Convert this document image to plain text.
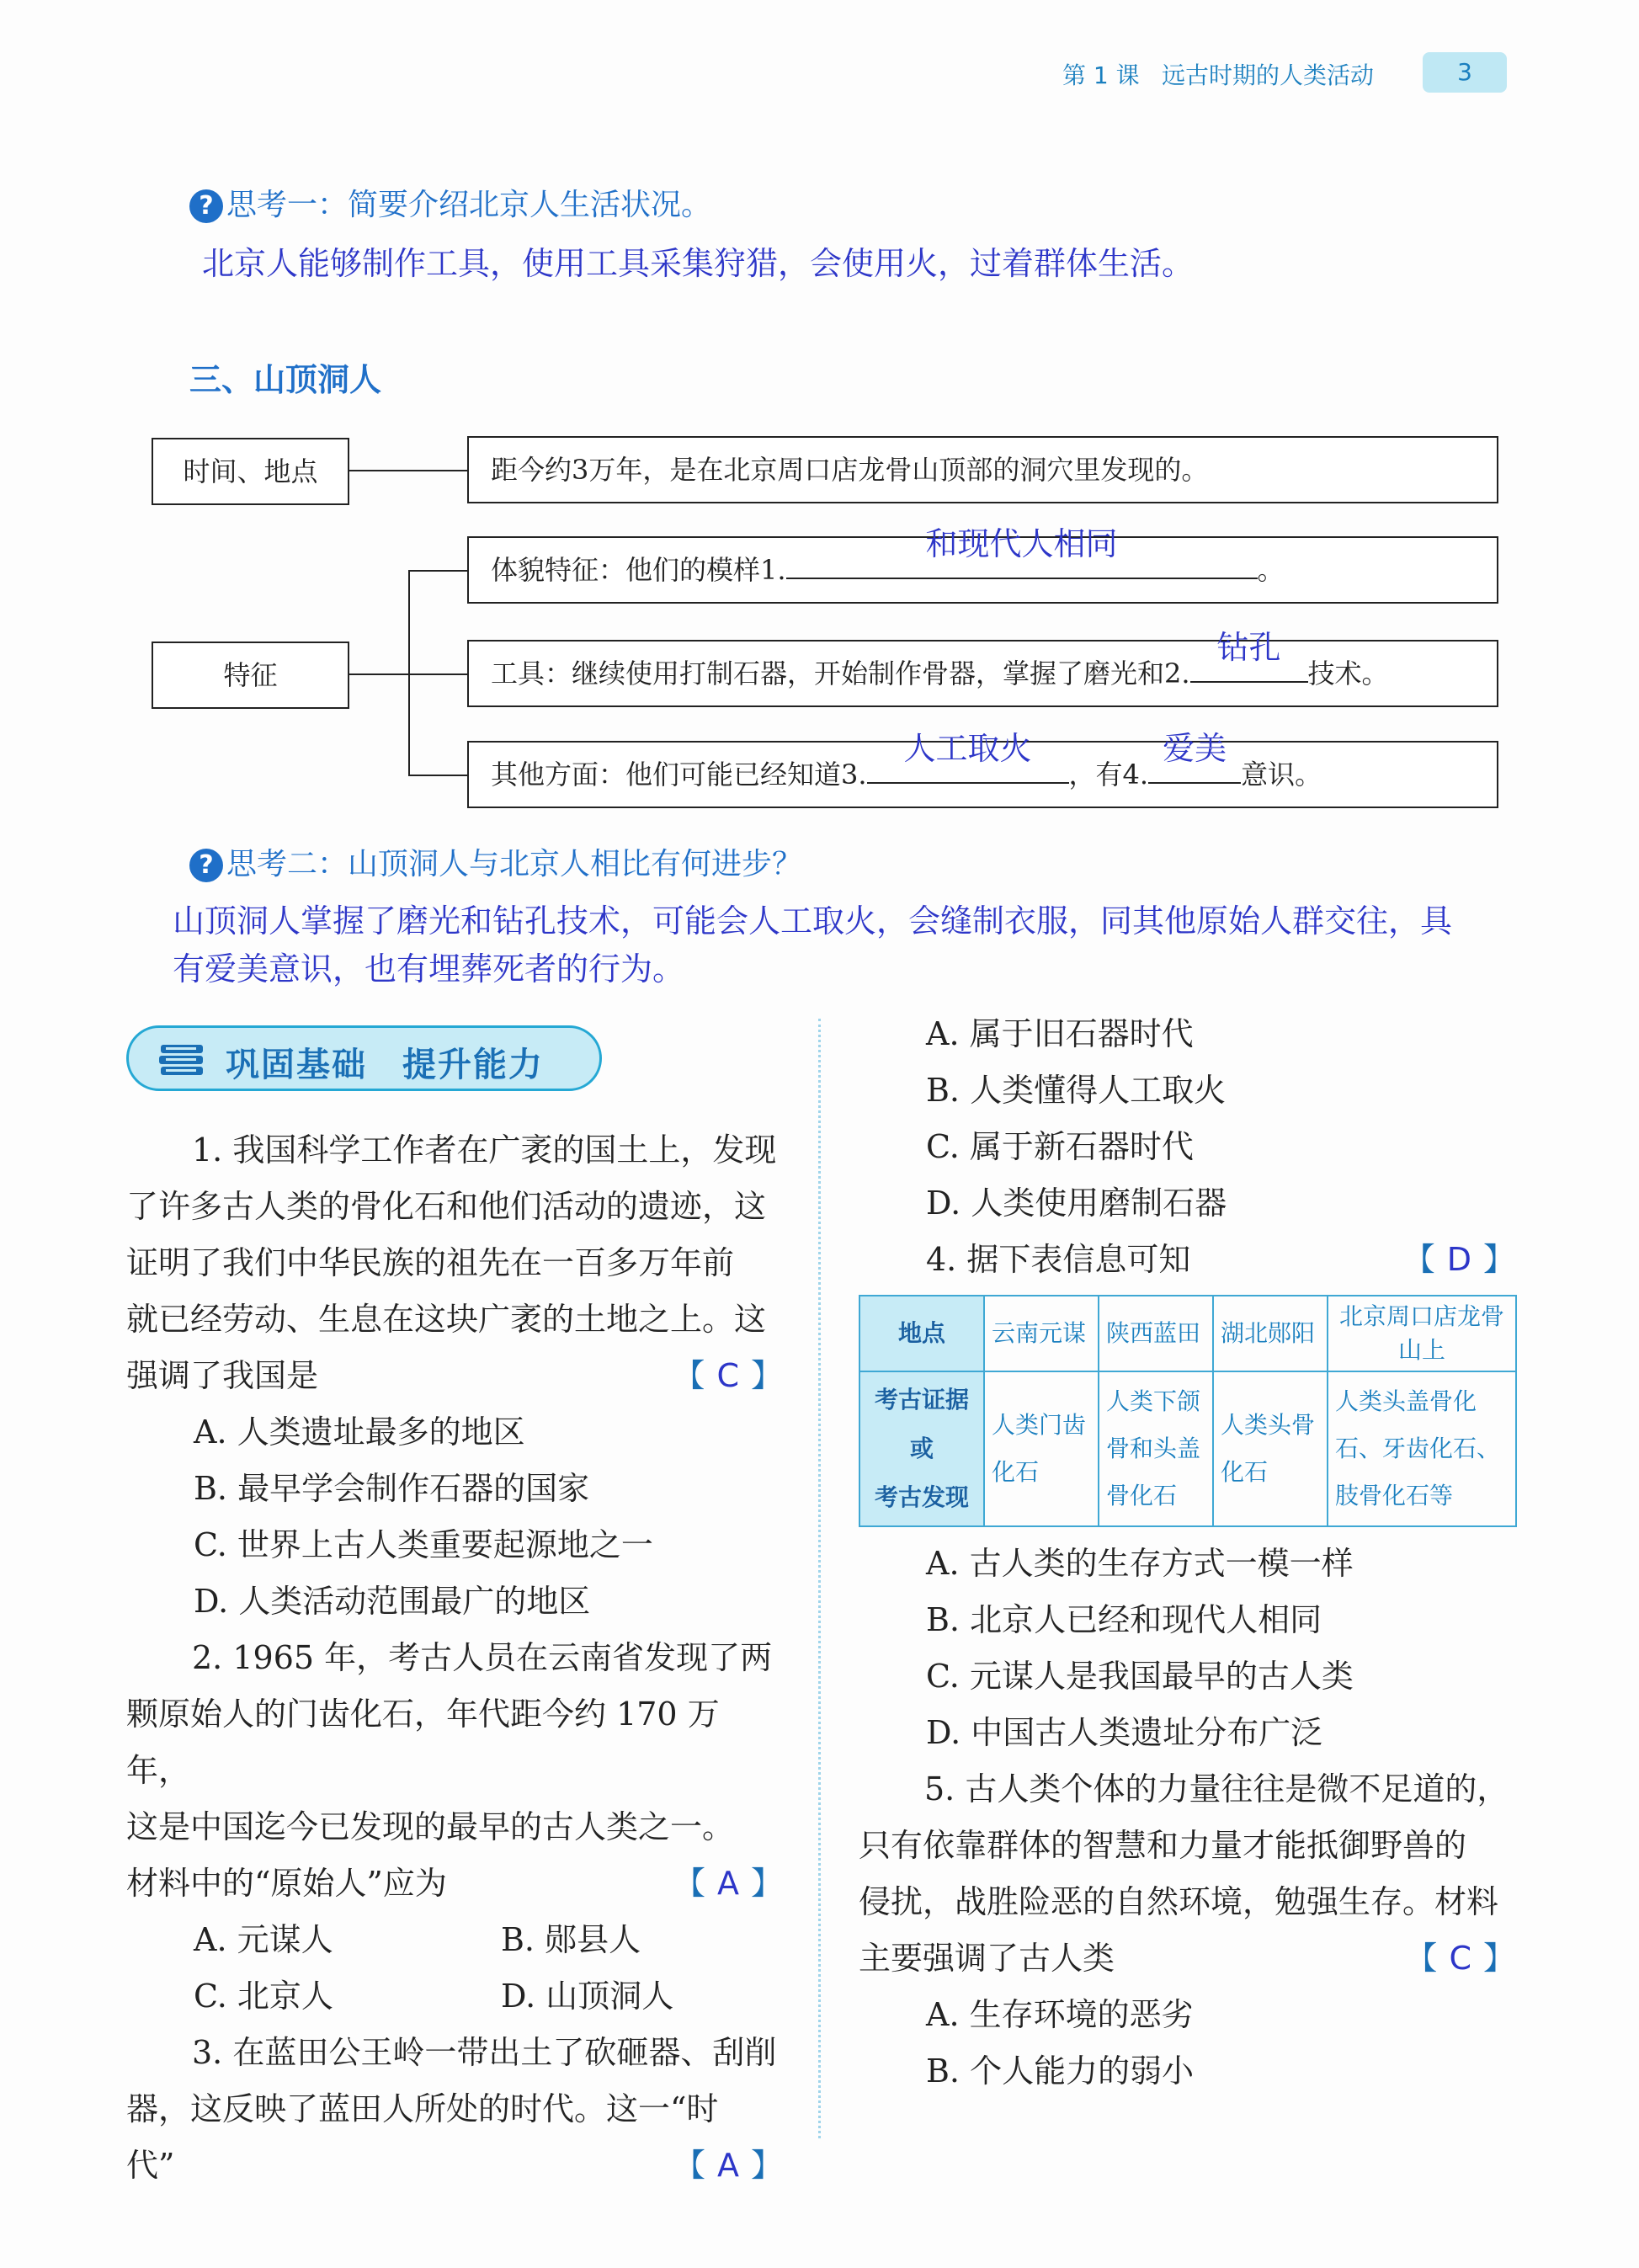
第 1 课 远古时期的人类活动	3
? 思考一：简要介绍北京人生活状况。
北京人能够制作工具，使用工具采集狩猎，会使用火，过着群体生活。
三、山顶洞人
时间、地点	距今约3万年，是在北京周口店龙骨山顶部的洞穴里发现的。
特征
体貌特征：他们的模样1.
和现代人相同
。
工具：继续使用打制石器，开始制作骨器，掌握了磨光和2.
钻孔
技术。
其他方面：他们可能已经知道3.
人工取火
，有4.
爱美
意识。
? 思考二：山顶洞人与北京人相比有何进步？
山顶洞人掌握了磨光和钻孔技术，可能会人工取火，会缝制衣服，同其他原始人群交往，具
有爱美意识，也有埋葬死者的行为。
巩固基础　提升能力
1. 我国科学工作者在广袤的国土上，发现
了许多古人类的骨化石和他们活动的遗迹，这
证明了我们中华民族的祖先在一百多万年前
就已经劳动、生息在这块广袤的土地之上。这
强调了我国是	【 C 】
A. 人类遗址最多的地区
B. 最早学会制作石器的国家
C. 世界上古人类重要起源地之一
D. 人类活动范围最广的地区
2. 1965 年，考古人员在云南省发现了两
颗原始人的门齿化石，年代距今约 170 万年，
这是中国迄今已发现的最早的古人类之一。
材料中的“原始人”应为	【 A 】
A. 元谋人	B. 郧县人

C. 北京人	D. 山顶洞人

3. 在蓝田公王岭一带出土了砍砸器、刮削
器，这反映了蓝田人所处的时代。这一“时
代”	【 A 】
A. 属于旧石器时代
B. 人类懂得人工取火
C. 属于新石器时代
D. 人类使用磨制石器
4. 据下表信息可知	【 D 】
地点	云南元谋	陕西蓝田	湖北郧阳	北京周口店龙骨山上

考古证据
或
考古发现	人类门齿化石	人类下颌骨和头盖骨化石	人类头骨化石	人类头盖骨化石、牙齿化石、肢骨化石等
A. 古人类的生存方式一模一样
B. 北京人已经和现代人相同
C. 元谋人是我国最早的古人类
D. 中国古人类遗址分布广泛
5. 古人类个体的力量往往是微不足道的，
只有依靠群体的智慧和力量才能抵御野兽的
侵扰，战胜险恶的自然环境，勉强生存。材料
主要强调了古人类	【 C 】
A. 生存环境的恶劣
B. 个人能力的弱小
